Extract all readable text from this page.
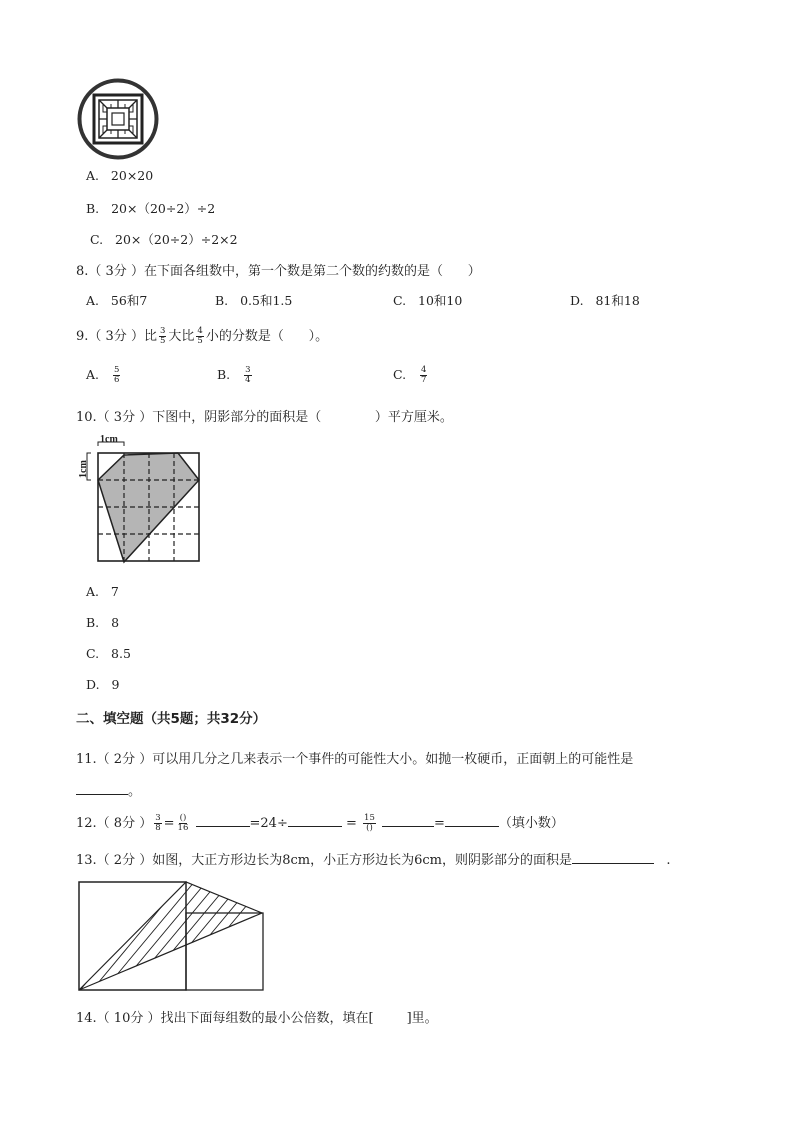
A.   20×20
B.   20×（20÷2）÷2
C.   20×（20÷2）÷2×2
8.（ 3分 ）在下面各组数中，第一个数是第二个数的约数的是（      ）
A.   56和7	B.   0.5和1.5	C.   10和10	D.   81和18
9.（ 3分 ）比 $\frac{3}{5}$ 大比 $\frac{4}{5}$ 小的分数是（      ）。
A. $\frac{5}{6}$	B. $\frac{3}{4}$	C. $\frac{4}{7}$
10.（ 3分 ）下图中，阴影部分的面积是（             ）平方厘米。
1cm
1cm
A.   7
B.   8
C.   8.5
D.   9
二、填空题（共5题；共32分）
11.（ 2分 ）可以用几分之几来表示一个事件的可能性大小。如抛一枚硬币，正面朝上的可能性是
。
12.（ 8分 ） $\frac{3}{8} = \frac{()}{16}$	=24÷	= $\frac{15}{()}$	=	（填小数）
13.（ 2分 ）如图，大正方形边长为8cm，小正方形边长为6cm，则阴影部分的面积是	.
14.（ 10分 ）找出下面每组数的最小公倍数，填在[        ]里。
